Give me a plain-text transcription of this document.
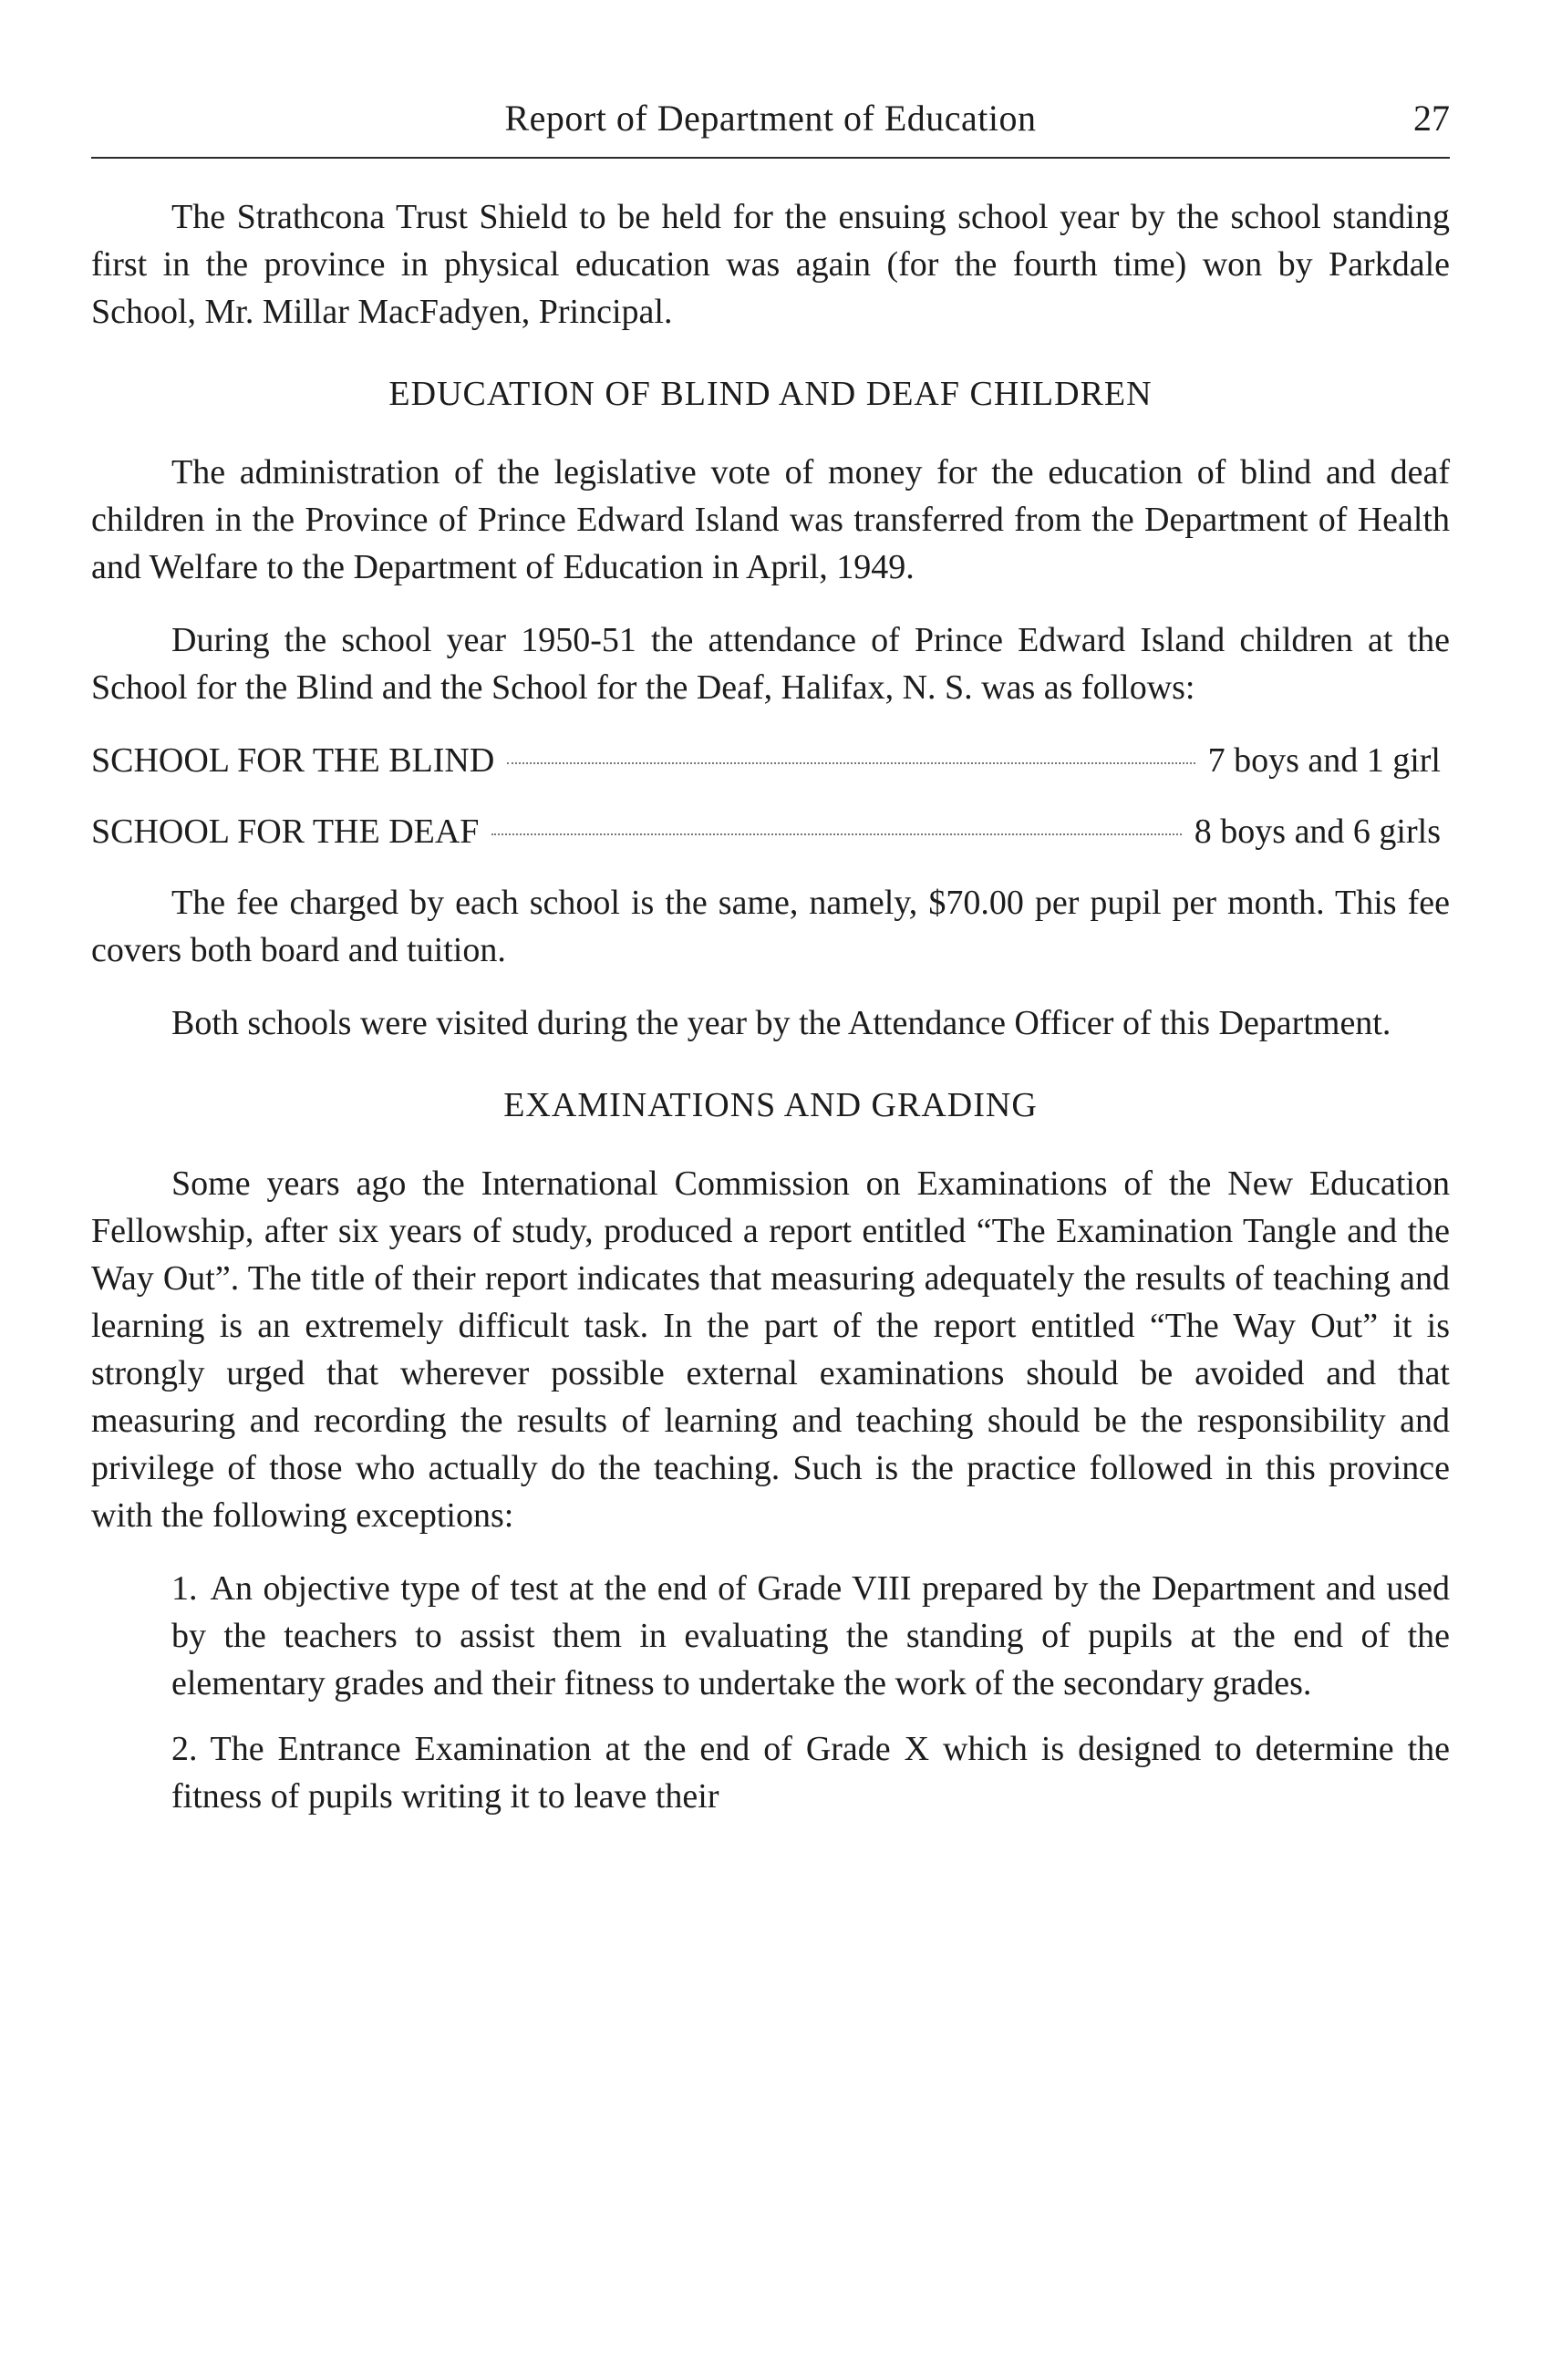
Report of Department of Education	27

The Strathcona Trust Shield to be held for the ensuing school year by the school standing first in the province in physical education was again (for the fourth time) won by Parkdale School, Mr. Millar MacFadyen, Principal.

EDUCATION OF BLIND AND DEAF CHILDREN

The administration of the legislative vote of money for the education of blind and deaf children in the Province of Prince Edward Island was transferred from the Department of Health and Welfare to the Department of Education in April, 1949.

During the school year 1950-51 the attendance of Prince Edward Island children at the School for the Blind and the School for the Deaf, Halifax, N. S. was as follows:

SCHOOL FOR THE BLIND	7 boys and 1 girl
SCHOOL FOR THE DEAF	8 boys and 6 girls

The fee charged by each school is the same, namely, $70.00 per pupil per month. This fee covers both board and tuition.

Both schools were visited during the year by the Attendance Officer of this Department.

EXAMINATIONS AND GRADING

Some years ago the International Commission on Examinations of the New Education Fellowship, after six years of study, produced a report entitled “The Examination Tangle and the Way Out”. The title of their report indicates that measuring adequately the results of teaching and learning is an extremely difficult task. In the part of the report entitled “The Way Out” it is strongly urged that wherever possible external examinations should be avoided and that measuring and recording the results of learning and teaching should be the responsibility and privilege of those who actually do the teaching. Such is the practice followed in this province with the following exceptions:

1. An objective type of test at the end of Grade VIII prepared by the Department and used by the teachers to assist them in evaluating the standing of pupils at the end of the elementary grades and their fitness to undertake the work of the secondary grades.
2. The Entrance Examination at the end of Grade X which is designed to determine the fitness of pupils writing it to leave their
